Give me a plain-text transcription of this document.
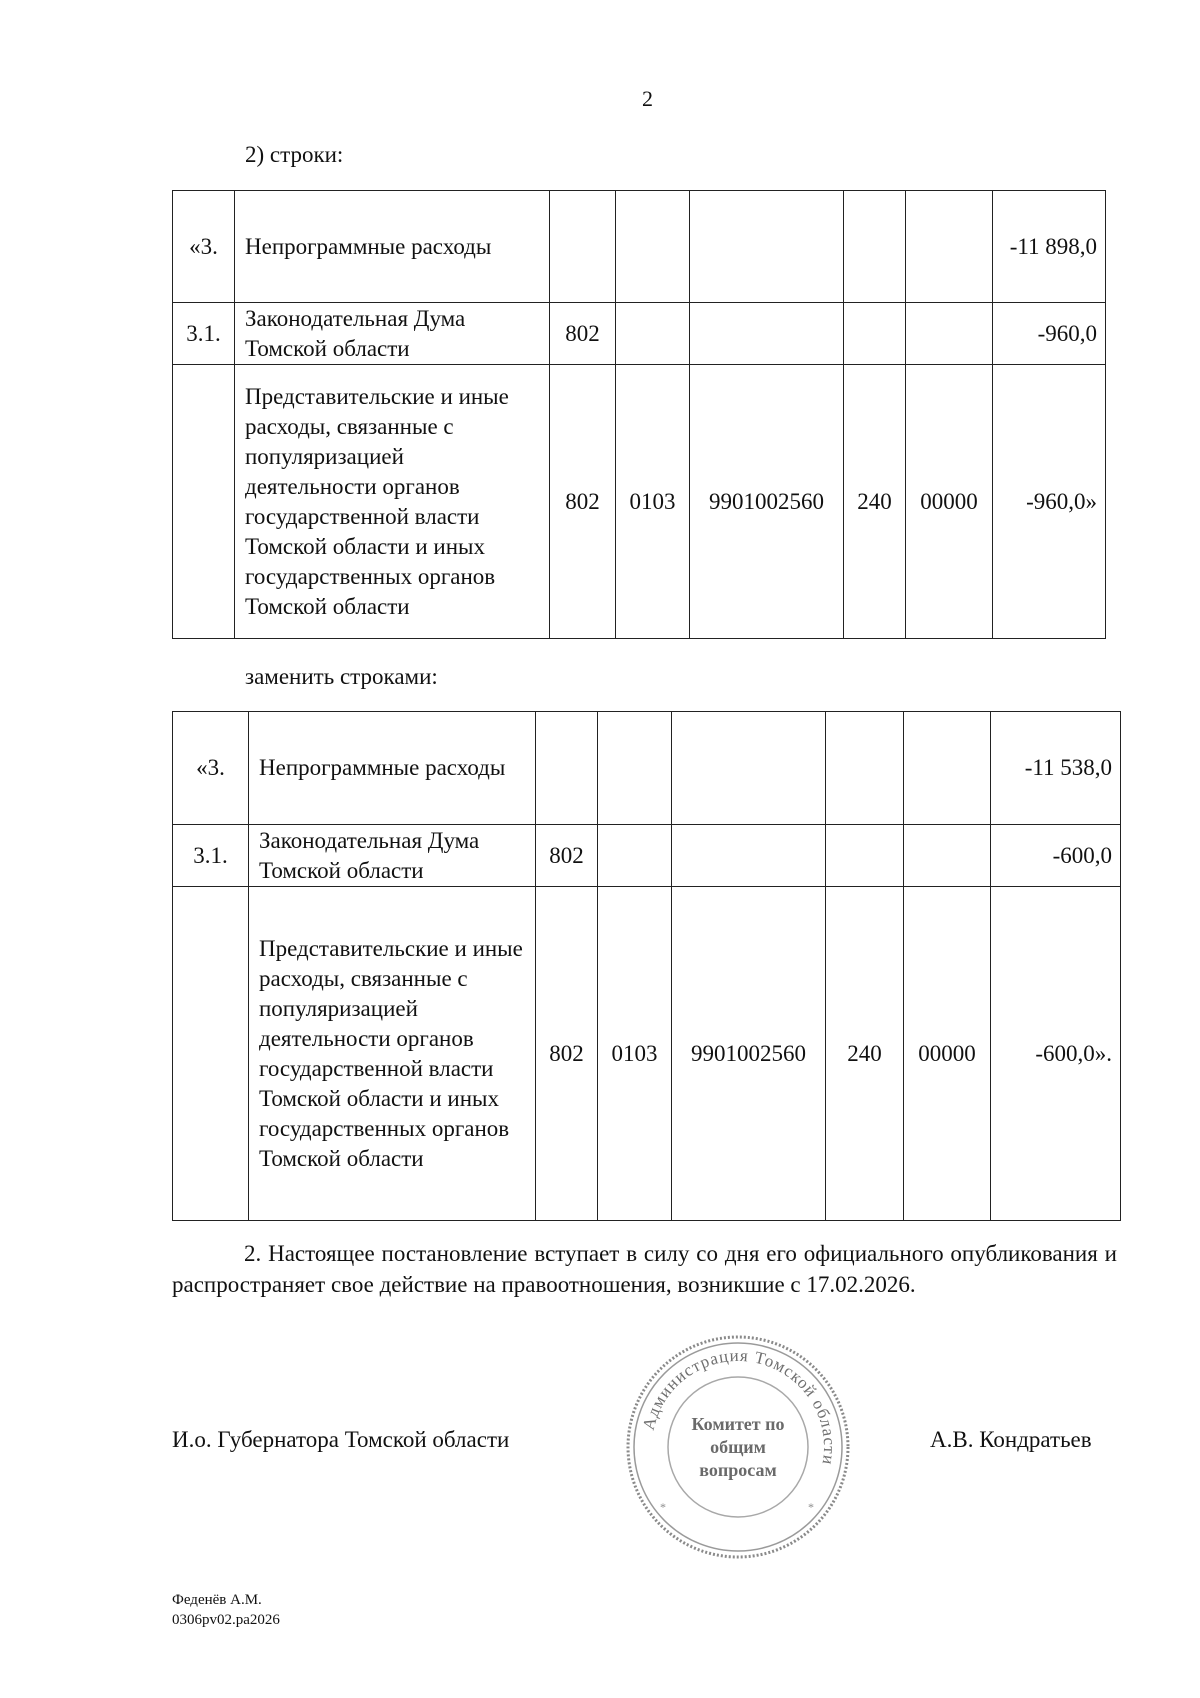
2
2) строки:
«3.	Непрограммные расходы						-11 898,0
3.1.	Законодательная Дума Томской области	802					-960,0
	Представительские и иные расходы, связанные с популяризацией деятельности органов государственной власти Томской области и иных государственных органов Томской области	802	0103	9901002560	240	00000	-960,0»
заменить строками:
«3.	Непрограммные расходы						-11 538,0
3.1.	Законодательная Дума Томской области	802					-600,0
	Представительские и иные расходы, связанные с популяризацией деятельности органов государственной власти Томской области и иных государственных органов Томской области	802	0103	9901002560	240	00000	-600,0».
2. Настоящее постановление вступает в силу со дня его официального опубликования и распространяет свое действие на правоотношения, возникшие с 17.02.2026.
И.о. Губернатора Томской области
Администрация Томской области
*
*
Комитет по общим вопросам
А.В. Кондратьев
Феденёв А.М.
0306pv02.pa2026
